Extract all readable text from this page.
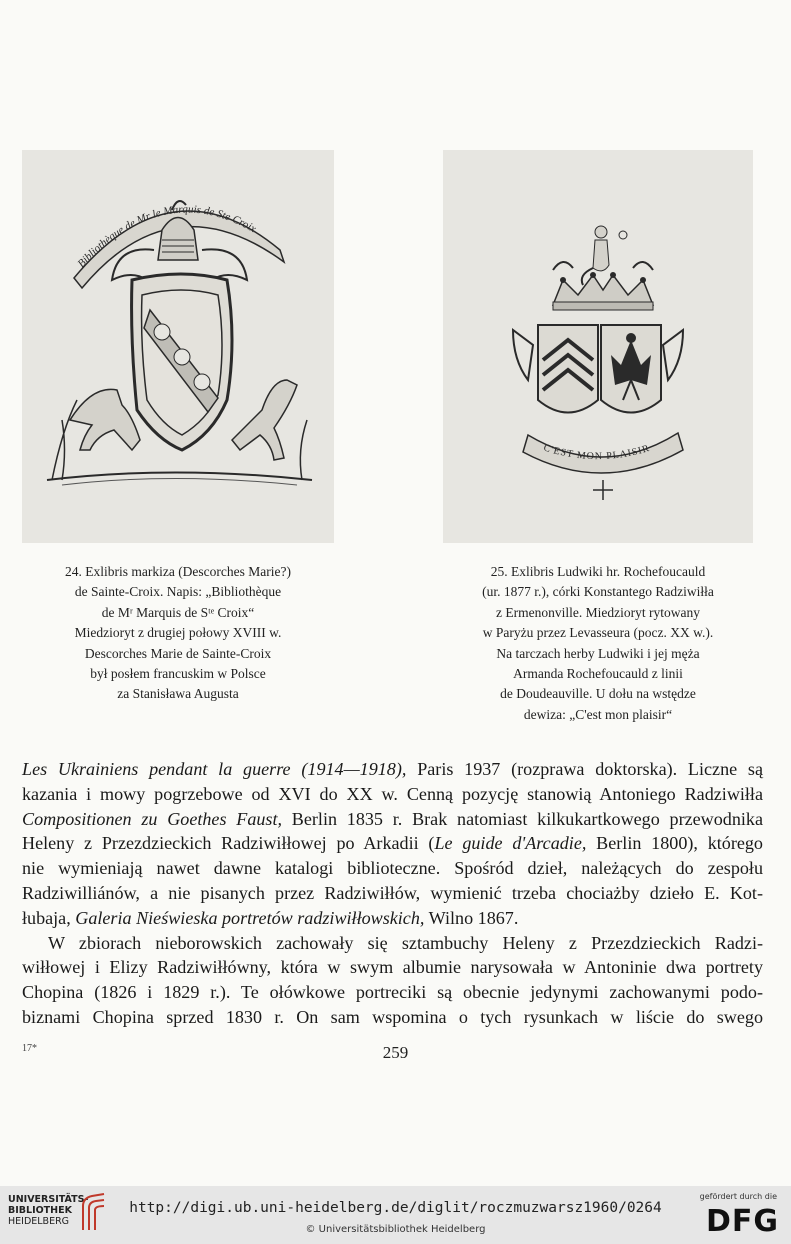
Bibliothèque de Mr le Marquis de Ste Croix
C'EST MON PLAISIR
24. Exlibris markiza (Descorches Marie?)
de Sainte-Croix. Napis: „Bibliothèque
de Mʳ Marquis de Sᵗᵉ Croix“
Miedzioryt z drugiej połowy XVIII w.
Descorches Marie de Sainte-Croix
był posłem francuskim w Polsce
za Stanisława Augusta
25. Exlibris Ludwiki hr. Rochefoucauld
(ur. 1877 r.), córki Konstantego Radziwiłła
z Ermenonville. Miedzioryt rytowany
w Paryżu przez Levasseura (pocz. XX w.).
Na tarczach herby Ludwiki i jej męża
Armanda Rochefoucauld z linii
de Doudeauville. U dołu na wstędze
dewiza: „C'est mon plaisir“
Les Ukrainiens pendant la guerre (1914—1918), Paris 1937 (rozprawa doktorska). Liczne są
kazania i mowy pogrzebowe od XVI do XX w. Cenną pozycję stanowią Antoniego Radziwiłła
Compositionen zu Goethes Faust, Berlin 1835 r. Brak natomiast kilkukartkowego przewodnika
Heleny z Przezdzieckich Radziwiłłowej po Arkadii (Le guide d'Arcadie, Berlin 1800), którego
nie wymieniają nawet dawne katalogi biblioteczne. Spośród dzieł, należących do zespołu
Radziwilliánów, a nie pisanych przez Radziwiłłów, wymienić trzeba chociażby dzieło E. Kot-
łubaja, Galeria Nieświeska portretów radziwiłłowskich, Wilno 1867.
W zbiorach nieborowskich zachowały się sztambuchy Heleny z Przezdzieckich Radzi-
wiłłowej i Elizy Radziwiłłówny, która w swym albumie narysowała w Antoninie dwa portrety
Chopina (1826 i 1829 r.). Te ołówkowe portreciki są obecnie jedynymi zachowanymi podo-
biznami Chopina sprzed 1830 r. On sam wspomina o tych rysunkach w liście do swego
17*	259
UNIVERSITÄTS-
BIBLIOTHEK
HEIDELBERG
http://digi.ub.uni-heidelberg.de/diglit/roczmuzwarsz1960/0264
© Universitätsbibliothek Heidelberg
gefördert durch die
DFG
